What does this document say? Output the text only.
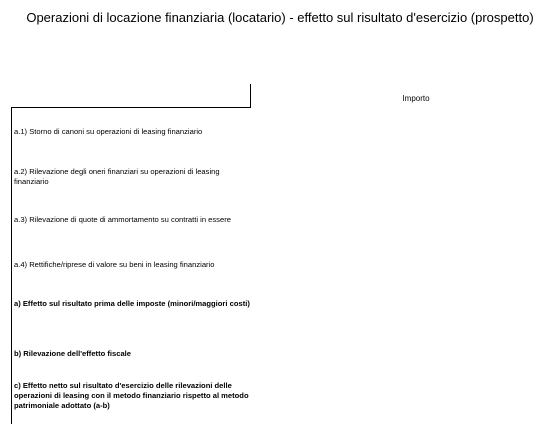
Operazioni di locazione finanziaria (locatario) - effetto sul risultato d'esercizio (prospetto)
Importo
a.1) Storno di canoni su operazioni di leasing finanziario
a.2) Rilevazione degli oneri finanziari su operazioni di leasing finanziario
a.3) Rilevazione di quote di ammortamento su contratti in essere
a.4) Rettifiche/riprese di valore su beni in leasing finanziario
a) Effetto sul risultato prima delle imposte (minori/maggiori costi)
b) Rilevazione dell'effetto fiscale
c) Effetto netto sul risultato d'esercizio delle rilevazioni delle operazioni di leasing con il metodo finanziario rispetto al metodo patrimoniale adottato (a-b)
